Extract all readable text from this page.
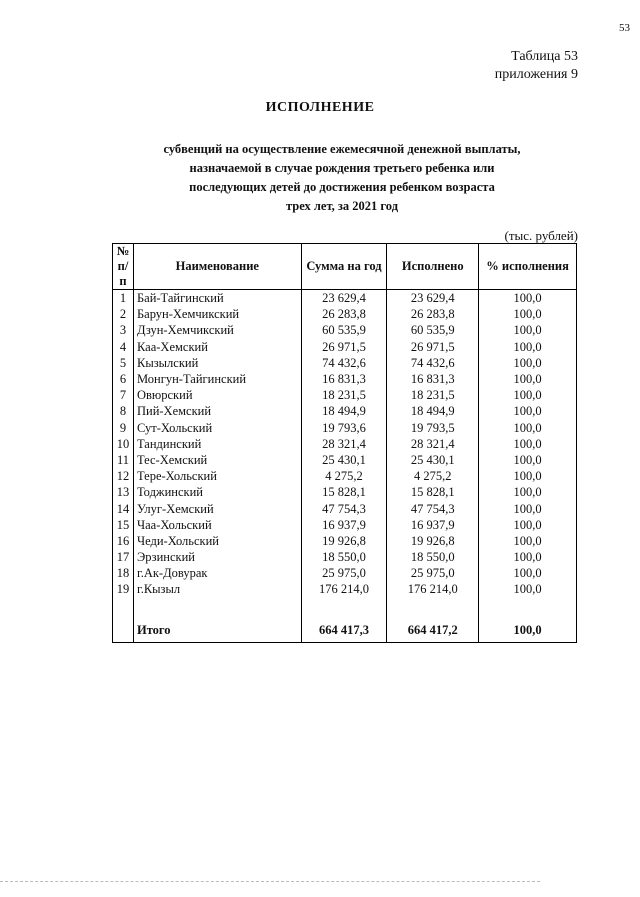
53
Таблица 53
приложения 9
ИСПОЛНЕНИЕ
субвенций на осуществление ежемесячной денежной выплаты,
назначаемой в случае рождения третьего ребенка или
последующих детей до достижения ребенком возраста
трех лет, за 2021 год
(тыс. рублей)
№
п/п	Наименование	Сумма на год	Исполнено	% исполнения
1	Бай-Тайгинский	23 629,4	23 629,4	100,0
2	Барун-Хемчикский	26 283,8	26 283,8	100,0
3	Дзун-Хемчикский	60 535,9	60 535,9	100,0
4	Каа-Хемский	26 971,5	26 971,5	100,0
5	Кызылский	74 432,6	74 432,6	100,0
6	Монгун-Тайгинский	16 831,3	16 831,3	100,0
7	Овюрский	18 231,5	18 231,5	100,0
8	Пий-Хемский	18 494,9	18 494,9	100,0
9	Сут-Хольский	19 793,6	19 793,5	100,0
10	Тандинский	28 321,4	28 321,4	100,0
11	Тес-Хемский	25 430,1	25 430,1	100,0
12	Тере-Хольский	4 275,2	4 275,2	100,0
13	Тоджинский	15 828,1	15 828,1	100,0
14	Улуг-Хемский	47 754,3	47 754,3	100,0
15	Чаа-Хольский	16 937,9	16 937,9	100,0
16	Чеди-Хольский	19 926,8	19 926,8	100,0
17	Эрзинский	18 550,0	18 550,0	100,0
18	г.Ак-Довурак	25 975,0	25 975,0	100,0
19	г.Кызыл	176 214,0	176 214,0	100,0

	Итого	664 417,3	664 417,2	100,0
